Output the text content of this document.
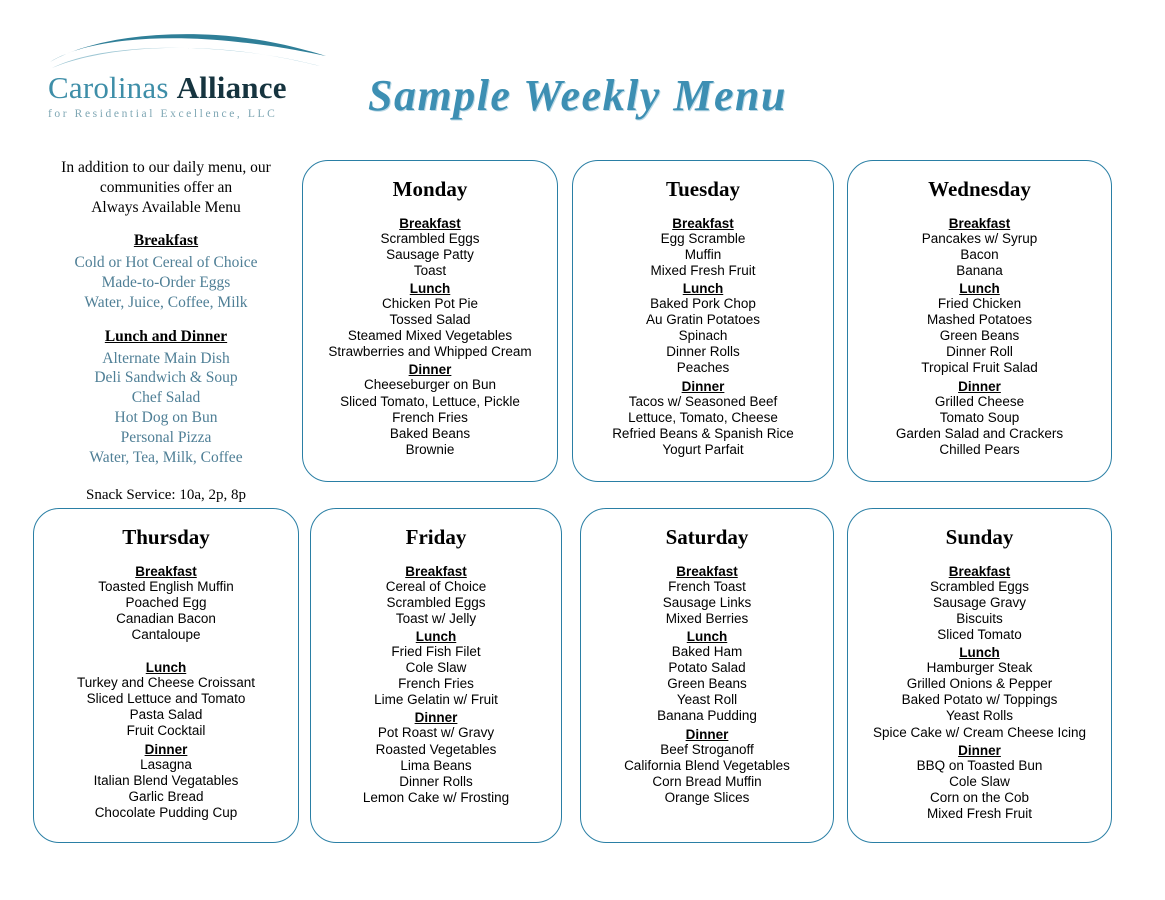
Carolinas Alliance
for Residential Excellence, LLC	Sample Weekly Menu
In addition to our daily menu, our
communities offer an
Always Available Menu
Breakfast
Cold or Hot Cereal of Choice
Made-to-Order Eggs
Water, Juice, Coffee, Milk
Lunch and Dinner
Alternate Main Dish
Deli Sandwich & Soup
Chef Salad
Hot Dog on Bun
Personal Pizza
Water, Tea, Milk, Coffee
Snack Service: 10a, 2p, 8p
Monday
Breakfast
Scrambled Eggs
Sausage Patty
Toast
Lunch
Chicken Pot Pie
Tossed Salad
Steamed Mixed Vegetables
Strawberries and Whipped Cream
Dinner
Cheeseburger on Bun
Sliced Tomato, Lettuce, Pickle
French Fries
Baked Beans
Brownie
Tuesday
Breakfast
Egg Scramble
Muffin
Mixed Fresh Fruit
Lunch
Baked Pork Chop
Au Gratin Potatoes
Spinach
Dinner Rolls
Peaches
Dinner
Tacos w/ Seasoned Beef
Lettuce, Tomato, Cheese
Refried Beans & Spanish Rice
Yogurt Parfait
Wednesday
Breakfast
Pancakes w/ Syrup
Bacon
Banana
Lunch
Fried Chicken
Mashed Potatoes
Green Beans
Dinner Roll
Tropical Fruit Salad
Dinner
Grilled Cheese
Tomato Soup
Garden Salad and Crackers
Chilled Pears
Thursday
Breakfast
Toasted English Muffin
Poached Egg
Canadian Bacon
Cantaloupe
Lunch
Turkey and Cheese Croissant
Sliced Lettuce and Tomato
Pasta Salad
Fruit Cocktail
Dinner
Lasagna
Italian Blend Vegatables
Garlic Bread
Chocolate Pudding Cup
Friday
Breakfast
Cereal of Choice
Scrambled Eggs
Toast w/ Jelly
Lunch
Fried Fish Filet
Cole Slaw
French Fries
Lime Gelatin w/ Fruit
Dinner
Pot Roast w/ Gravy
Roasted Vegetables
Lima Beans
Dinner Rolls
Lemon Cake w/ Frosting
Saturday
Breakfast
French Toast
Sausage Links
Mixed Berries
Lunch
Baked Ham
Potato Salad
Green Beans
Yeast Roll
Banana Pudding
Dinner
Beef Stroganoff
California Blend Vegetables
Corn Bread Muffin
Orange Slices
Sunday
Breakfast
Scrambled Eggs
Sausage Gravy
Biscuits
Sliced Tomato
Lunch
Hamburger Steak
Grilled Onions & Pepper
Baked Potato w/ Toppings
Yeast Rolls
Spice Cake w/ Cream Cheese Icing
Dinner
BBQ on Toasted Bun
Cole Slaw
Corn on the Cob
Mixed Fresh Fruit
